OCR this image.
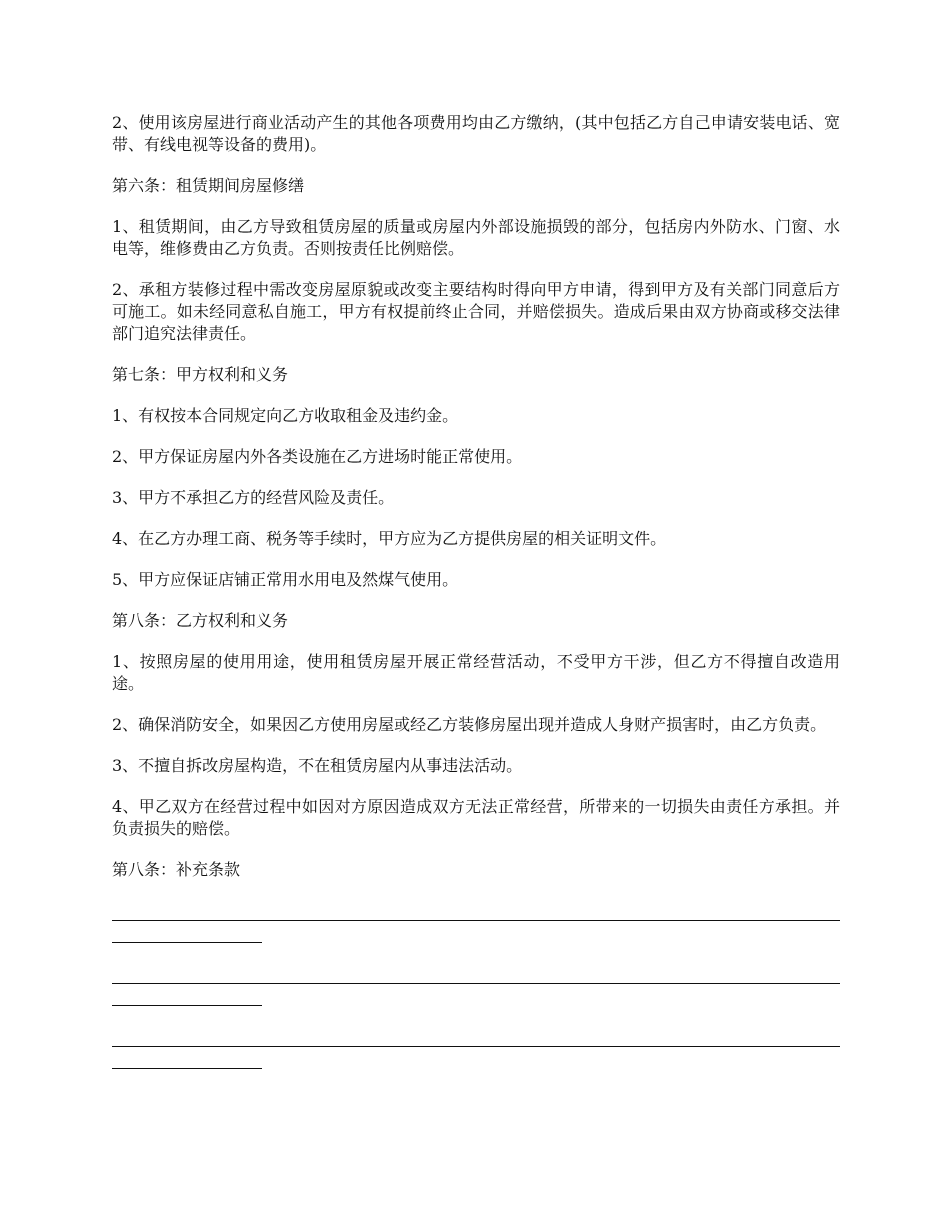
2、使用该房屋进行商业活动产生的其他各项费用均由乙方缴纳，(其中包括乙方自己申请安装电话、宽带、有线电视等设备的费用)。

第六条：租赁期间房屋修缮

1、租赁期间，由乙方导致租赁房屋的质量或房屋内外部设施损毁的部分，包括房内外防水、门窗、水电等，维修费由乙方负责。否则按责任比例赔偿。

2、承租方装修过程中需改变房屋原貌或改变主要结构时得向甲方申请，得到甲方及有关部门同意后方可施工。如未经同意私自施工，甲方有权提前终止合同，并赔偿损失。造成后果由双方协商或移交法律部门追究法律责任。

第七条：甲方权利和义务

1、有权按本合同规定向乙方收取租金及违约金。

2、甲方保证房屋内外各类设施在乙方进场时能正常使用。

3、甲方不承担乙方的经营风险及责任。

4、在乙方办理工商、税务等手续时，甲方应为乙方提供房屋的相关证明文件。

5、甲方应保证店铺正常用水用电及然煤气使用。

第八条：乙方权利和义务

1、按照房屋的使用用途，使用租赁房屋开展正常经营活动，不受甲方干涉，但乙方不得擅自改造用途。

2、确保消防安全，如果因乙方使用房屋或经乙方装修房屋出现并造成人身财产损害时，由乙方负责。

3、不擅自拆改房屋构造，不在租赁房屋内从事违法活动。

4、甲乙双方在经营过程中如因对方原因造成双方无法正常经营，所带来的一切损失由责任方承担。并负责损失的赔偿。

第八条：补充条款
